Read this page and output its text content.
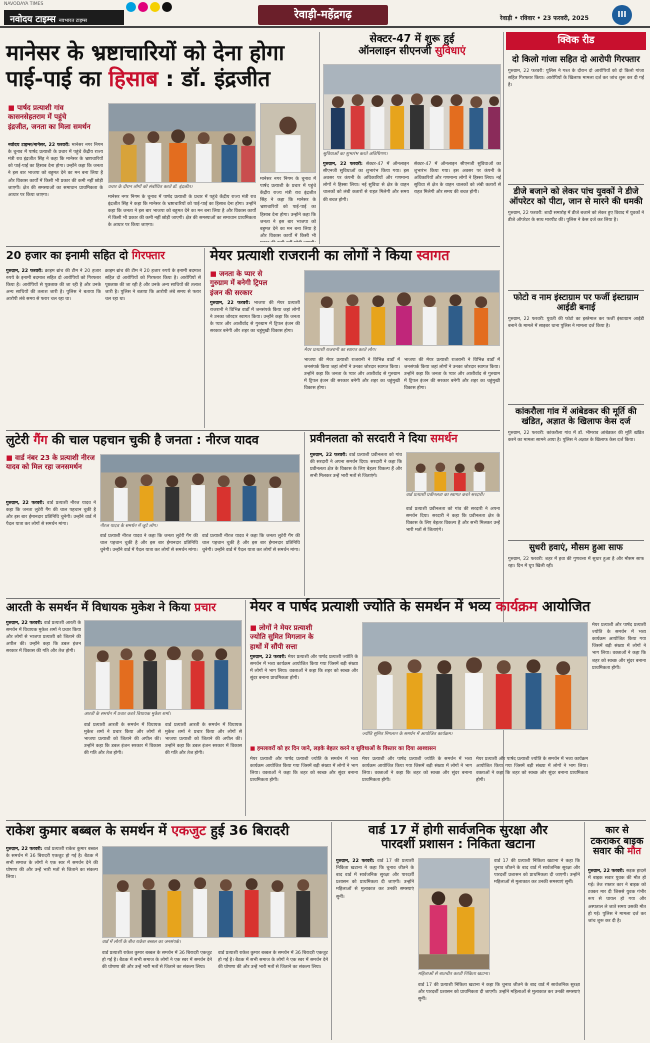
नवोदय टाइम्स नवभारत टाइम्स	रेवाड़ी-महेंद्रगढ़	रेवाड़ी • रविवार • 23 फरवरी, 2025	III
NAVODAYA TIMES
मानेसर के भ्रष्टाचारियों को देना होगा
पाई-पाई का हिसाब : डॉ. इंद्रजीत
■ पार्षद प्रत्याशी गांव
कासनसेहतराम में पहुंचे
इंद्रजीत, जनता का मिला समर्थन
नवोदय टाइम्स/मानेसर, 22 फरवरी: मानेसर नगर निगम के चुनाव में पार्षद प्रत्याशी के प्रचार में पहुंचे केंद्रीय राज्य मंत्री राव इंद्रजीत सिंह ने कहा कि मानेसर के भ्रष्टाचारियों को पाई-पाई का हिसाब देना होगा। उन्होंने कहा कि जनता ने इस बार भाजपा को बहुमत देने का मन बना लिया है और विकास कार्यों में किसी भी प्रकार की कमी नहीं छोड़ी जाएगी। क्षेत्र की समस्याओं का समाधान प्राथमिकता के आधार पर किया जाएगा।
प्रचार के दौरान लोगों को संबोधित करते डॉ. इंद्रजीत।
मानेसर नगर निगम के चुनाव में पार्षद प्रत्याशी के प्रचार में पहुंचे केंद्रीय राज्य मंत्री राव इंद्रजीत सिंह ने कहा कि मानेसर के भ्रष्टाचारियों को पाई-पाई का हिसाब देना होगा। उन्होंने कहा कि जनता ने इस बार भाजपा को बहुमत देने का मन बना लिया है और विकास कार्यों में किसी भी प्रकार की कमी नहीं छोड़ी जाएगी। क्षेत्र की समस्याओं का समाधान प्राथमिकता के आधार पर किया जाएगा।
मानेसर नगर निगम के चुनाव में पार्षद प्रत्याशी के प्रचार में पहुंचे केंद्रीय राज्य मंत्री राव इंद्रजीत सिंह ने कहा कि मानेसर के भ्रष्टाचारियों को पाई-पाई का हिसाब देना होगा। उन्होंने कहा कि जनता ने इस बार भाजपा को बहुमत देने का मन बना लिया है और विकास कार्यों में किसी भी
सेक्टर-47 में शुरू हुई
ऑनलाइन सीएनजी सुविधाएं
सुविधाओं का शुभारंभ करते अतिथिगण।
गुरुग्राम, 22 फरवरी: सेक्टर-47 में ऑनलाइन सीएनजी सुविधाओं का शुभारंभ किया गया। इस अवसर पर कंपनी के अधिकारियों और गणमान्य लोगों ने हिस्सा लिया। नई सुविधा से क्षेत्र के वाहन चालकों को लंबी कतारों से राहत मिलेगी और समय की बचत होगी।
सेक्टर-47 में ऑनलाइन सीएनजी सुविधाओं का शुभारंभ किया गया। इस अवसर पर कंपनी के अधिकारियों और गणमान्य लोगों ने हिस्सा लिया। नई सुविधा से क्षेत्र के वाहन चालकों को लंबी कतारों से राहत मिलेगी और समय की बचत होगी।
क्विक रीड
दो किलो गांजा सहित दो आरोपी गिरफ्तार
गुरुग्राम, 22 फरवरी: पुलिस ने गश्त के दौरान दो आरोपियों को दो किलो गांजा सहित गिरफ्तार किया। आरोपियों के खिलाफ मामला दर्ज कर जांच शुरू कर दी गई है।
डीजे बजाने को लेकर पांच युवकों ने डीजे ऑपरेटर को पीटा, जान से मारने की धमकी
गुरुग्राम, 22 फरवरी: शादी समारोह में डीजे बजाने को लेकर हुए विवाद में युवकों ने डीजे ऑपरेटर के साथ मारपीट की। पुलिस ने केस दर्ज कर लिया है।
फोटो व नाम इंस्टाग्राम पर फर्जी इंस्टाग्राम आईडी बनाई
गुरुग्राम, 22 फरवरी: युवती की फोटो का इस्तेमाल कर फर्जी इंस्टाग्राम आईडी बनाने के मामले में साइबर थाना पुलिस ने मामला दर्ज किया है।
कांकरौला गांव में आंबेडकर की मूर्ति की खंडित, अज्ञात के खिलाफ केस दर्ज
गुरुग्राम, 22 फरवरी: कांकरौला गांव में डॉ. भीमराव आंबेडकर की मूर्ति खंडित करने का मामला सामने आया है। पुलिस ने अज्ञात के खिलाफ केस दर्ज किया।
सुधरी हवाएं, मौसम हुआ साफ
गुरुग्राम, 22 फरवरी: शहर में हवा की गुणवत्ता में सुधार हुआ है और मौसम साफ रहा। दिन में धूप खिली रही।
20 हजार का इनामी सहित दो गिरफ्तार
गुरुग्राम, 22 फरवरी: क्राइम ब्रांच की टीम ने 20 हजार रुपये के इनामी बदमाश सहित दो आरोपियों को गिरफ्तार किया है। आरोपियों से पूछताछ की जा रही है और उनके अन्य साथियों की तलाश जारी है। पुलिस ने बताया कि आरोपी लंबे समय से फरार चल रहा था।
क्राइम ब्रांच की टीम ने 20 हजार रुपये के इनामी बदमाश सहित दो आरोपियों को गिरफ्तार किया है। आरोपियों से पूछताछ की जा रही है और उनके अन्य साथियों की तलाश जारी है। पुलिस ने बताया कि आरोपी लंबे समय से फरार चल रहा था।
मेयर प्रत्याशी राजरानी का लोगों ने किया स्वागत
■ जनता के प्यार से
गुरुग्राम में बनेगी ट्रिपल
इंजन की सरकार
गुरुग्राम, 22 फरवरी: भाजपा की मेयर प्रत्याशी राजरानी ने विभिन्न वार्डों में जनसंपर्क किया जहां लोगों ने उनका जोरदार स्वागत किया। उन्होंने कहा कि जनता के प्यार और आशीर्वाद से गुरुग्राम में ट्रिपल इंजन की सरकार बनेगी और शहर का चहुंमुखी विकास होगा।
मेयर प्रत्याशी राजरानी का स्वागत करते लोग।
भाजपा की मेयर प्रत्याशी राजरानी ने विभिन्न वार्डों में जनसंपर्क किया जहां लोगों ने उनका जोरदार स्वागत किया। उन्होंने कहा कि जनता के प्यार और आशीर्वाद से गुरुग्राम में ट्रिपल इंजन की सरकार बनेगी और शहर का चहुंमुखी विकास होगा।
भाजपा की मेयर प्रत्याशी राजरानी ने विभिन्न वार्डों में जनसंपर्क किया जहां लोगों ने उनका जोरदार स्वागत किया। उन्होंने कहा कि जनता के प्यार और आशीर्वाद से गुरुग्राम में ट्रिपल इंजन की सरकार बनेगी और शहर का चहुंमुखी विकास होगा।
लुटेरी गैंग की चाल पहचान चुकी है जनता : नीरज यादव
■ वार्ड नंबर 23 के प्रत्याशी नीरज यादव को मिल रहा जनसमर्थन
गुरुग्राम, 22 फरवरी: वार्ड प्रत्याशी नीरज यादव ने कहा कि जनता लुटेरी गैंग की चाल पहचान चुकी है और इस बार ईमानदार प्रतिनिधि चुनेगी। उन्होंने वार्ड में पैदल यात्रा कर लोगों से समर्थन मांगा।	नीरज यादव के समर्थन में जुटे लोग।
वार्ड प्रत्याशी नीरज यादव ने कहा कि जनता लुटेरी गैंग की चाल पहचान चुकी है और इस बार ईमानदार प्रतिनिधि चुनेगी। उन्होंने वार्ड में पैदल यात्रा कर लोगों से समर्थन मांगा।
वार्ड प्रत्याशी नीरज यादव ने कहा कि जनता लुटेरी गैंग की चाल पहचान चुकी है और इस बार ईमानदार प्रतिनिधि चुनेगी। उन्होंने वार्ड में पैदल यात्रा कर लोगों से समर्थन मांगा।
प्रवीनलता को सरदारी ने दिया समर्थन
गुरुग्राम, 22 फरवरी: वार्ड प्रत्याशी प्रवीनलता को गांव की सरदारी ने अपना समर्थन दिया। सरदारी ने कहा कि प्रवीनलता क्षेत्र के विकास के लिए बेहतर विकल्प हैं और सभी मिलकर उन्हें भारी मतों से जिताएंगे।
वार्ड प्रत्याशी प्रवीनलता का स्वागत करते सरदारी।
वार्ड प्रत्याशी प्रवीनलता को गांव की सरदारी ने अपना समर्थन दिया। सरदारी ने कहा कि प्रवीनलता क्षेत्र के विकास के लिए बेहतर विकल्प हैं और सभी मिलकर उन्हें भारी मतों से जिताएंगे।
आरती के समर्थन में विधायक मुकेश ने किया प्रचार
गुरुग्राम, 22 फरवरी: वार्ड प्रत्याशी आरती के समर्थन में विधायक मुकेश शर्मा ने प्रचार किया और लोगों से भाजपा प्रत्याशी को जिताने की अपील की। उन्होंने कहा कि डबल इंजन सरकार में विकास की गति और तेज होगी।
आरती के समर्थन में प्रचार करते विधायक मुकेश शर्मा।
वार्ड प्रत्याशी आरती के समर्थन में विधायक मुकेश शर्मा ने प्रचार किया और लोगों से भाजपा प्रत्याशी को जिताने की अपील की। उन्होंने कहा कि डबल इंजन सरकार में विकास की गति और तेज होगी।
वार्ड प्रत्याशी आरती के समर्थन में विधायक मुकेश शर्मा ने प्रचार किया और लोगों से भाजपा प्रत्याशी को जिताने की अपील की। उन्होंने कहा कि डबल इंजन सरकार में विकास की गति और तेज होगी।
मेयर व पार्षद प्रत्याशी ज्योति के समर्थन में भव्य कार्यक्रम आयोजित
■ लोगों ने मेयर प्रत्याशी
ज्योति सुमित मिगलान के
हाथों में सौंपी सत्ता
गुरुग्राम, 22 फरवरी: मेयर प्रत्याशी और पार्षद प्रत्याशी ज्योति के समर्थन में भव्य कार्यक्रम आयोजित किया गया जिसमें बड़ी संख्या में लोगों ने भाग लिया। वक्ताओं ने कहा कि शहर को स्वच्छ और सुंदर बनाना प्राथमिकता होगी।
ज्योति सुमित मिगलान के समर्थन में आयोजित कार्यक्रम।
मेयर प्रत्याशी और पार्षद प्रत्याशी ज्योति के समर्थन में भव्य कार्यक्रम आयोजित किया गया जिसमें बड़ी संख्या में लोगों ने भाग लिया। वक्ताओं ने कहा कि शहर को स्वच्छ और सुंदर बनाना प्राथमिकता होगी।
■ हमलावरों को हर दिन जाने, लड़के बेहतर करने व सुविधाओं के विस्तार का दिया आश्वासन
मेयर प्रत्याशी और पार्षद प्रत्याशी ज्योति के समर्थन में भव्य कार्यक्रम आयोजित किया गया जिसमें बड़ी संख्या में लोगों ने भाग लिया। वक्ताओं ने कहा कि शहर को स्वच्छ और सुंदर बनाना प्राथमिकता होगी।
मेयर प्रत्याशी और पार्षद प्रत्याशी ज्योति के समर्थन में भव्य कार्यक्रम आयोजित किया गया जिसमें बड़ी संख्या में लोगों ने भाग लिया। वक्ताओं ने कहा कि शहर को स्वच्छ और सुंदर बनाना प्राथमिकता होगी।
मेयर प्रत्याशी और पार्षद प्रत्याशी ज्योति के समर्थन में भव्य कार्यक्रम आयोजित किया गया जिसमें बड़ी संख्या में लोगों ने भाग लिया। वक्ताओं ने कहा कि शहर को स्वच्छ और सुंदर बनाना प्राथमिकता होगी।
राकेश कुमार बब्बल के समर्थन में एकजुट हुई 36 बिरादरी
गुरुग्राम, 22 फरवरी: वार्ड प्रत्याशी राकेश कुमार बब्बल के समर्थन में 36 बिरादरी एकजुट हो गई है। बैठक में सभी समाज के लोगों ने एक स्वर में समर्थन देने की घोषणा की और उन्हें भारी मतों से जिताने का संकल्प लिया।
वार्ड में लोगों के बीच राकेश बब्बल का जनसंपर्क।
वार्ड प्रत्याशी राकेश कुमार बब्बल के समर्थन में 36 बिरादरी एकजुट हो गई है। बैठक में सभी समाज के लोगों ने एक स्वर में समर्थन देने की घोषणा की और उन्हें भारी मतों से जिताने का संकल्प लिया।
वार्ड प्रत्याशी राकेश कुमार बब्बल के समर्थन में 36 बिरादरी एकजुट हो गई है। बैठक में सभी समाज के लोगों ने एक स्वर में समर्थन देने की घोषणा की और उन्हें भारी मतों से जिताने का संकल्प लिया।
वार्ड 17 में होगी सार्वजनिक सुरक्षा और
पारदर्शी प्रशासन : निकिता खटाना
गुरुग्राम, 22 फरवरी: वार्ड 17 की प्रत्याशी निकिता खटाना ने कहा कि चुनाव जीतने के बाद वार्ड में सार्वजनिक सुरक्षा और पारदर्शी प्रशासन को प्राथमिकता दी जाएगी। उन्होंने महिलाओं से मुलाकात कर उनकी समस्याएं सुनीं।
महिलाओं से बातचीत करती निकिता खटाना।
वार्ड 17 की प्रत्याशी निकिता खटाना ने कहा कि चुनाव जीतने के बाद वार्ड में सार्वजनिक सुरक्षा और पारदर्शी प्रशासन को प्राथमिकता दी जाएगी। उन्होंने महिलाओं से मुलाकात कर उनकी समस्याएं सुनीं।
वार्ड 17 की प्रत्याशी निकिता खटाना ने कहा कि चुनाव जीतने के बाद वार्ड में सार्वजनिक सुरक्षा और पारदर्शी प्रशासन को प्राथमिकता दी जाएगी। उन्होंने महिलाओं से मुलाकात कर उनकी समस्याएं सुनीं।
कार से
टकराकर बाइक
सवार की मौत
गुरुग्राम, 22 फरवरी: सड़क हादसे में बाइक सवार युवक की मौत हो गई। तेज रफ्तार कार ने बाइक को टक्कर मार दी जिससे युवक गंभीर रूप से घायल हो गया और अस्पताल ले जाते समय उसकी मौत हो गई। पुलिस ने मामला दर्ज कर जांच शुरू कर दी है।
